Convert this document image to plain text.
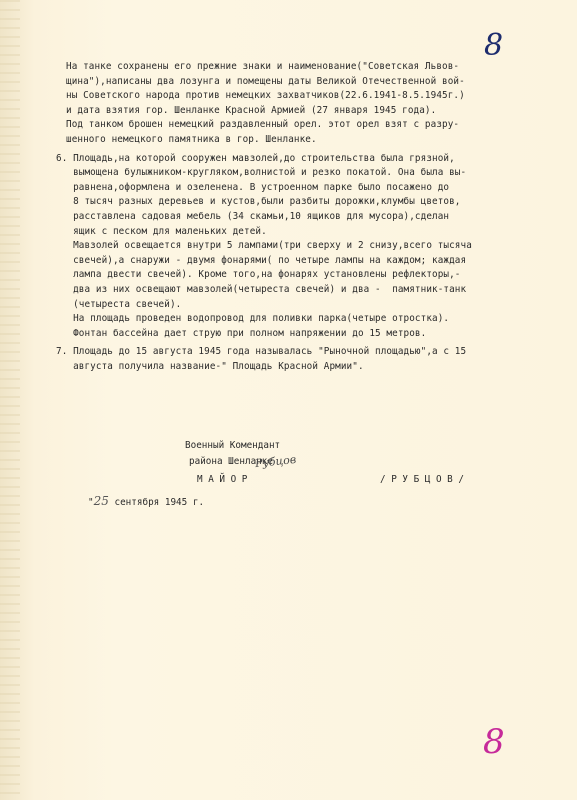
8
На танке сохранены его прежние знаки и наименование("Советская Львов-
щина"),написаны два лозунга и помещены даты Великой Отечественной вой-
ны Советского народа против немецких захватчиков(22.6.1941-8.5.1945г.)
и дата взятия гор. Шенланке Красной Армией (27 января 1945 года).
Под танком брошен немецкий раздавленный орел. этот орел взят с разру-
шенного немецкого памятника в гор. Шенланке.
6. Площадь,на которой сооружен мавзолей,до строительства была грязной,
вымощена булыжником-кругляком,волнистой и резко покатой. Она была вы-
равнена,оформлена и озеленена. В устроенном парке было посажено до
8 тысяч разных деревьев и кустов,были разбиты дорожки,клумбы цветов,
расставлена садовая мебель (34 скамьи,10 ящиков для мусора),сделан
ящик с песком для маленьких детей.
Мавзолей освещается внутри 5 лампами(три сверху и 2 снизу,всего тысяча
свечей),а снаружи - двумя фонарями( по четыре лампы на каждом; каждая
лампа двести свечей). Кроме того,на фонарях установлены рефлекторы,-
два из них освещают мавзолей(четыреста свечей) и два -  памятник-танк
(четыреста свечей).
На площадь проведен водопровод для поливки парка(четыре отростка).
Фонтан бассейна дает струю при полном напряжении до 15 метров.
7. Площадь до 15 августа 1945 года называлась "Рыночной площадью",а с 15
августа получила название-" Площадь Красной Армии".
Военный Комендант
района Шенланке
М А Й О Р
Рубцов
/ Р У Б Ц О В /
"25 сентября 1945 г.
8
